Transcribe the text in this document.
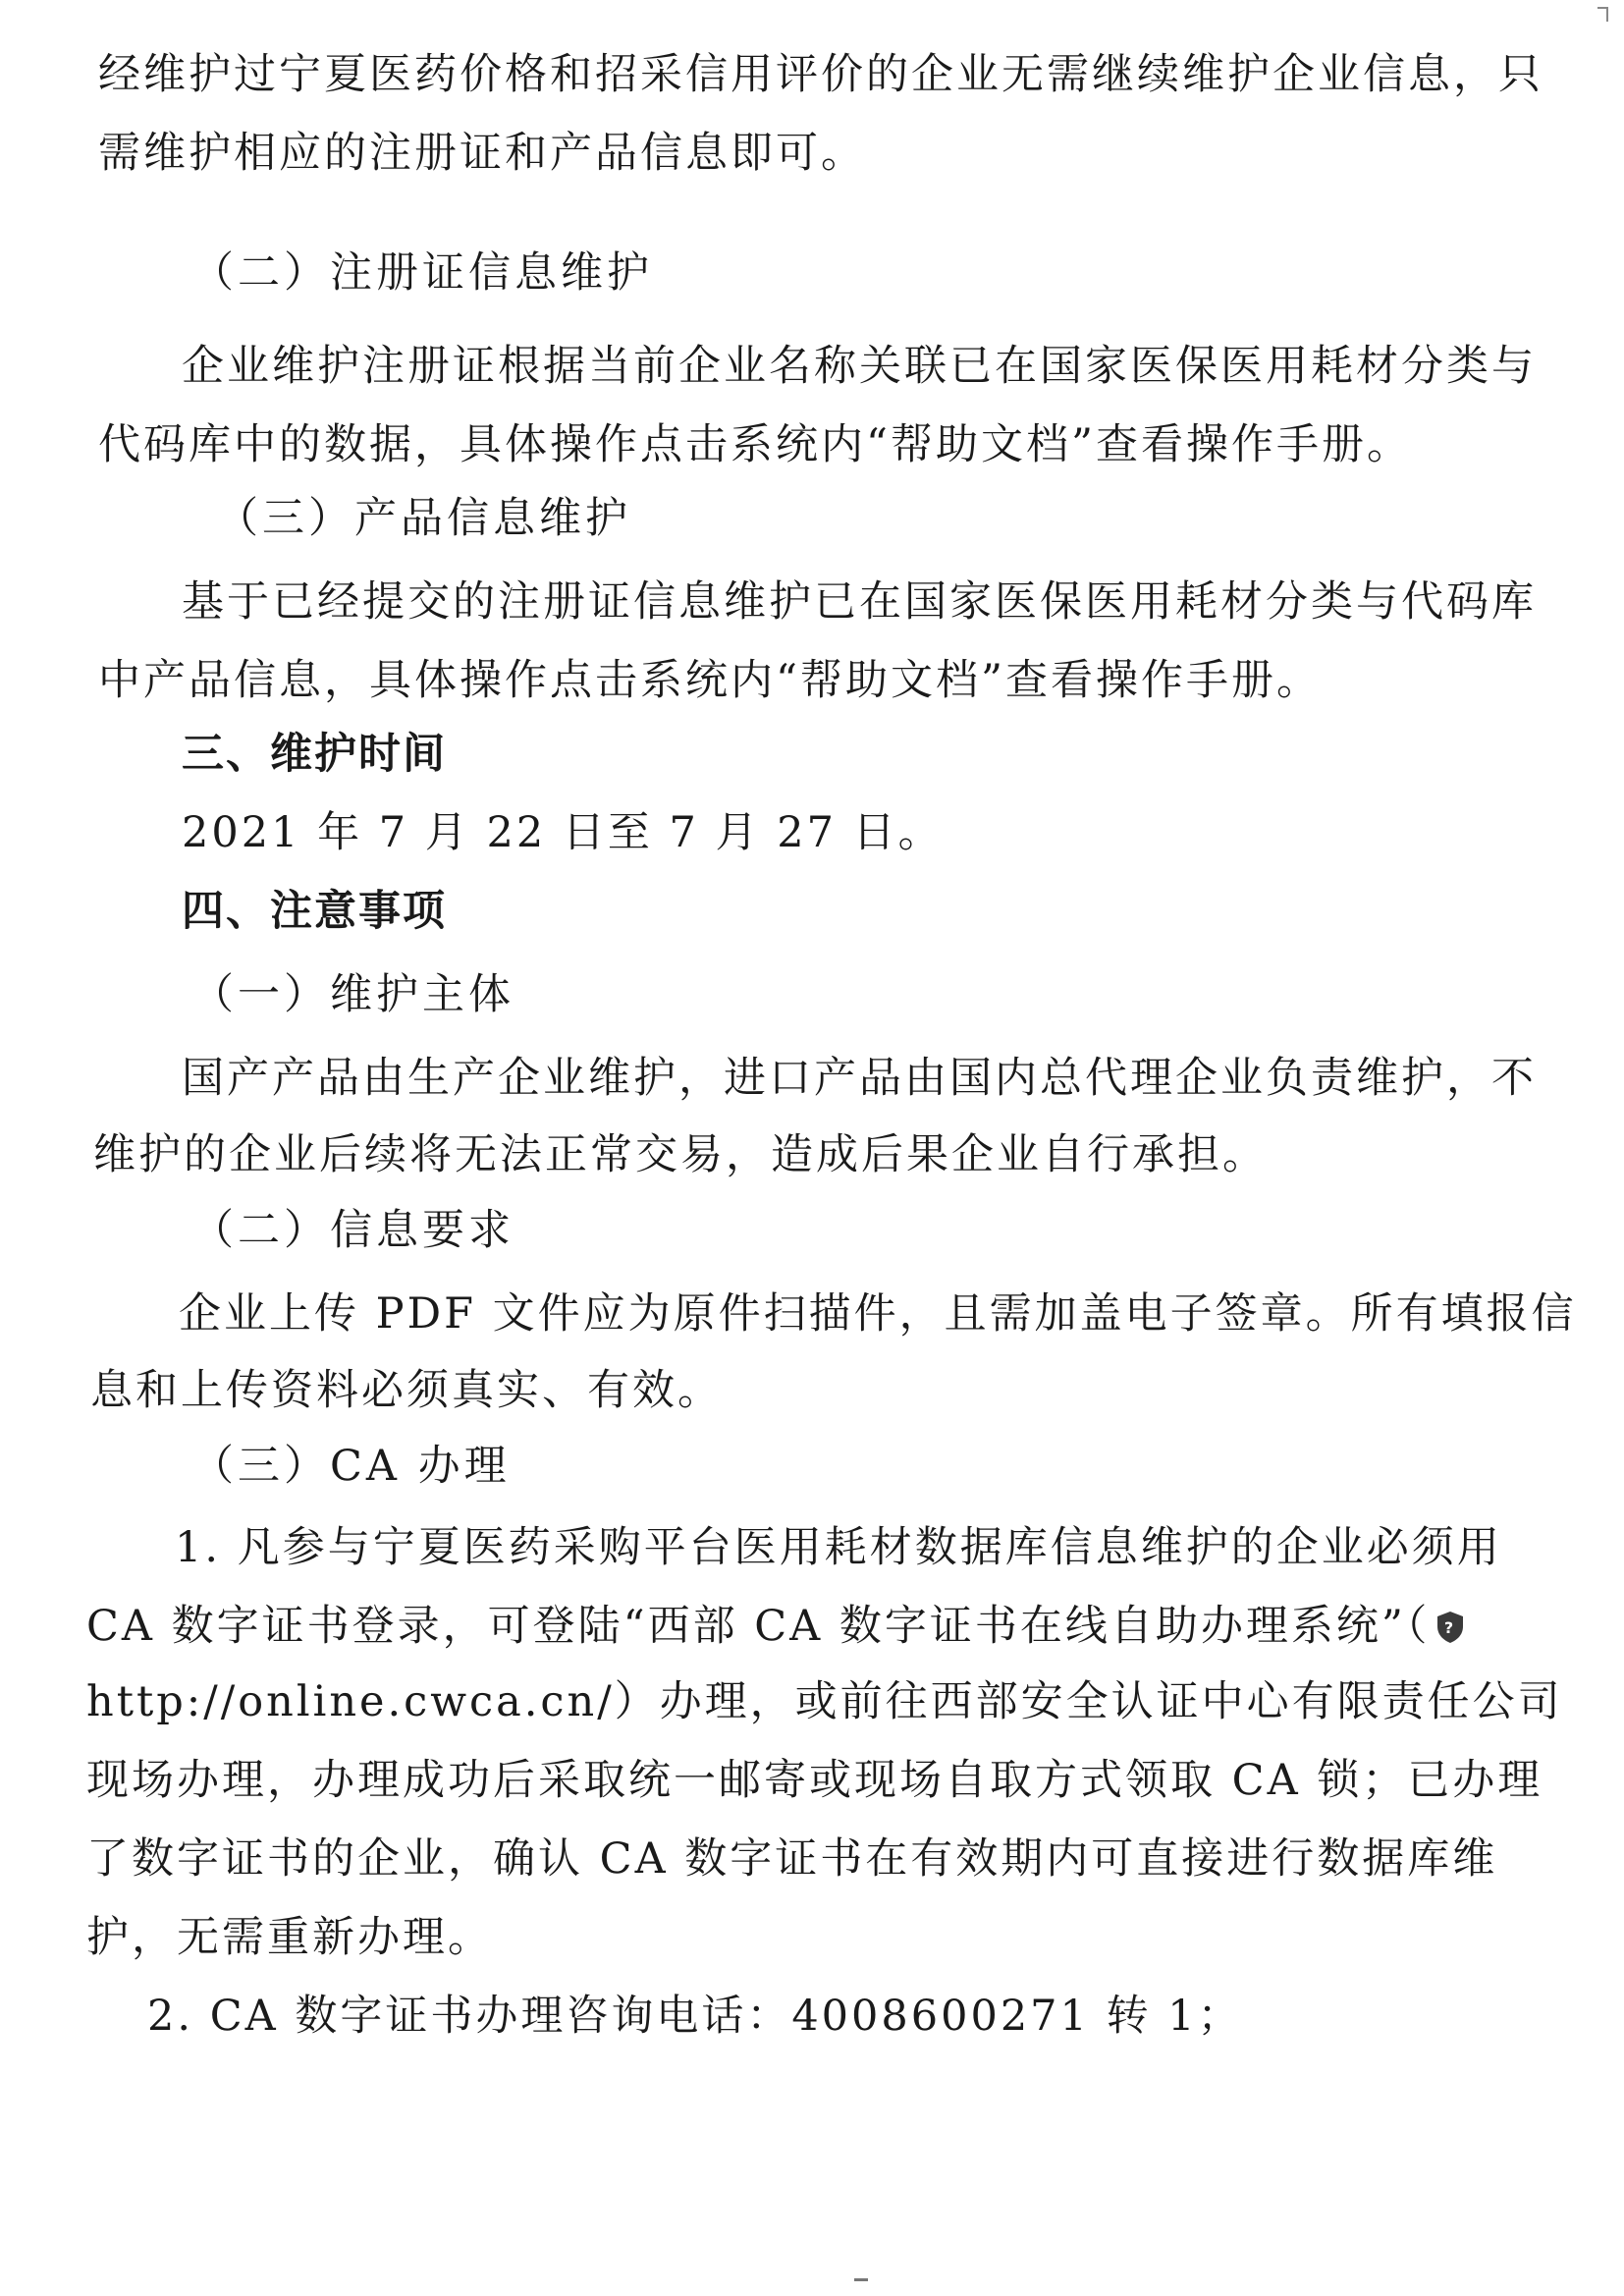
经维护过宁夏医药价格和招采信用评价的企业无需继续维护企业信息，只
需维护相应的注册证和产品信息即可。
（二）注册证信息维护
企业维护注册证根据当前企业名称关联已在国家医保医用耗材分类与
代码库中的数据，具体操作点击系统内“帮助文档”查看操作手册。
（三）产品信息维护
基于已经提交的注册证信息维护已在国家医保医用耗材分类与代码库
中产品信息，具体操作点击系统内“帮助文档”查看操作手册。
三、维护时间
2021 年 7 月 22 日至 7 月 27 日。
四、注意事项
（一）维护主体
国产产品由生产企业维护，进口产品由国内总代理企业负责维护，不
维护的企业后续将无法正常交易，造成后果企业自行承担。
（二）信息要求
企业上传 PDF 文件应为原件扫描件，且需加盖电子签章。所有填报信
息和上传资料必须真实、有效。
（三）CA 办理
1. 凡参与宁夏医药采购平台医用耗材数据库信息维护的企业必须用
CA 数字证书登录，可登陆“西部 CA 数字证书在线自助办理系统”（ ?
http://online.cwca.cn/）办理，或前往西部安全认证中心有限责任公司
现场办理，办理成功后采取统一邮寄或现场自取方式领取 CA 锁；已办理
了数字证书的企业，确认 CA 数字证书在有效期内可直接进行数据库维
护，无需重新办理。
2. CA 数字证书办理咨询电话：4008600271 转 1；
